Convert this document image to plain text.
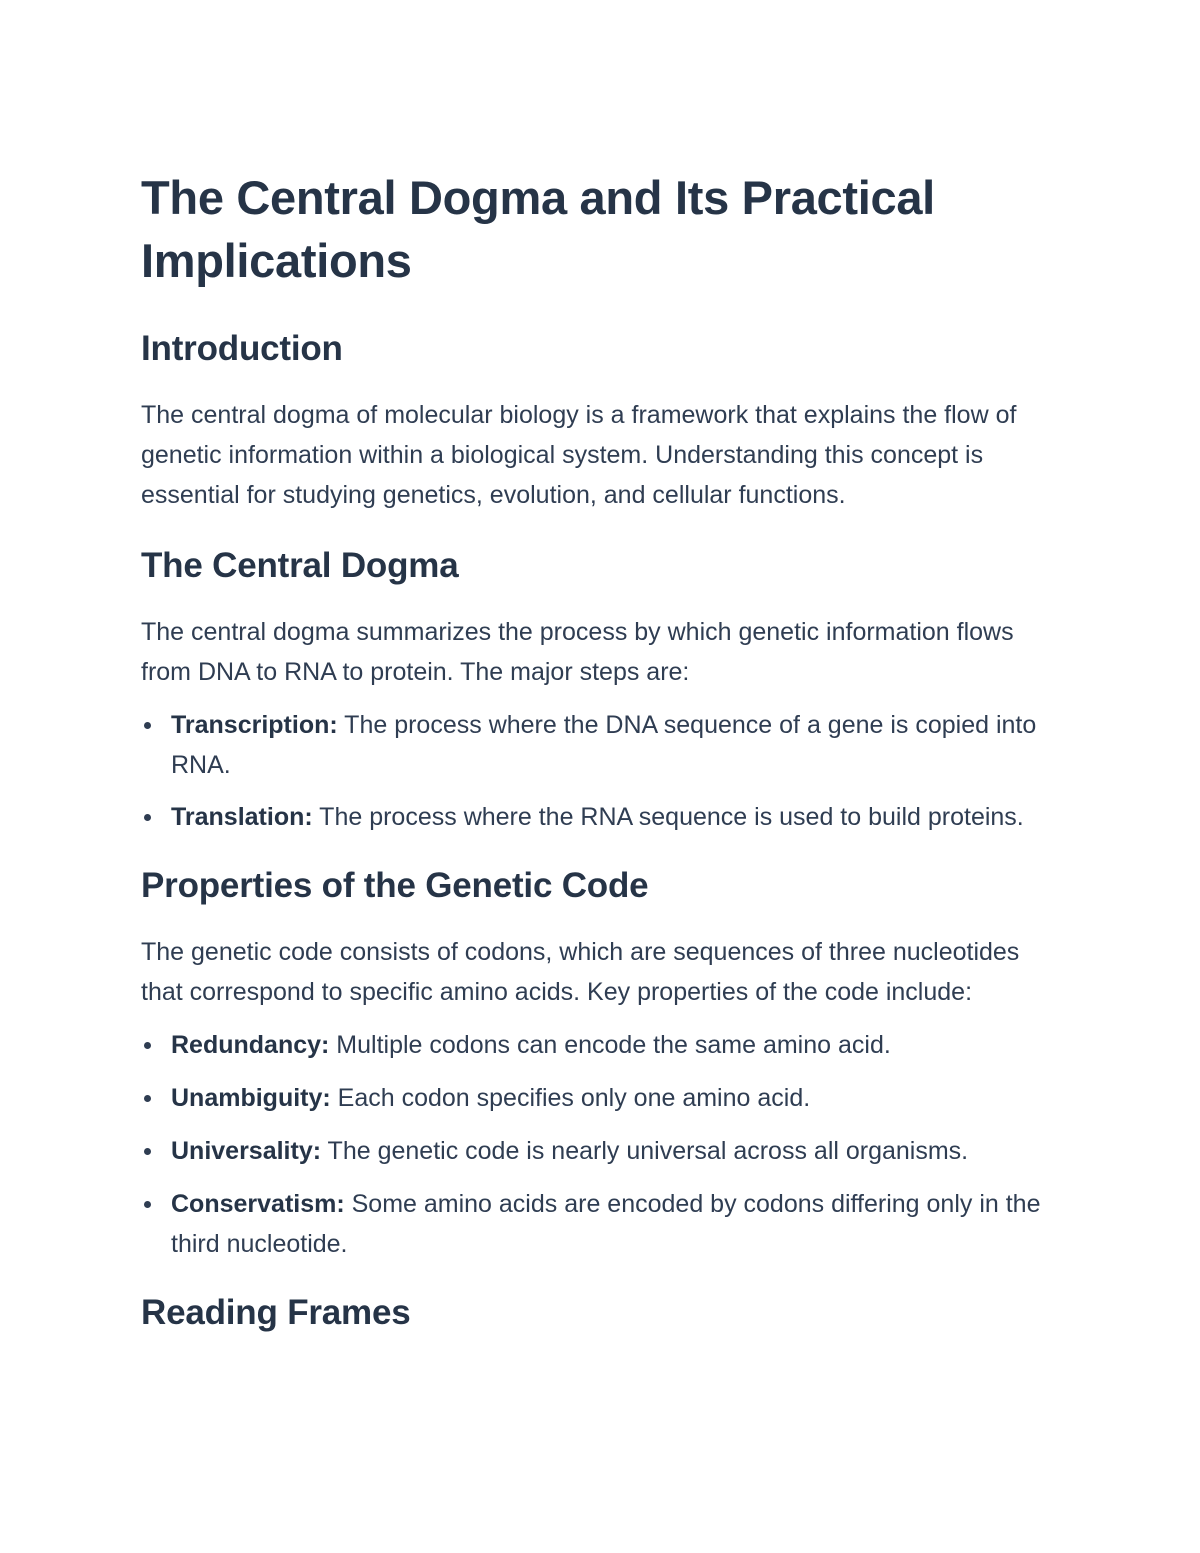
The Central Dogma and Its Practical Implications
Introduction

The central dogma of molecular biology is a framework that explains the flow of genetic information within a biological system. Understanding this concept is essential for studying genetics, evolution, and cellular functions.

The Central Dogma

The central dogma summarizes the process by which genetic information flows from DNA to RNA to protein. The major steps are:

Transcription: The process where the DNA sequence of a gene is copied into RNA.
Translation: The process where the RNA sequence is used to build proteins.
Properties of the Genetic Code

The genetic code consists of codons, which are sequences of three nucleotides that correspond to specific amino acids. Key properties of the code include:

Redundancy: Multiple codons can encode the same amino acid.
Unambiguity: Each codon specifies only one amino acid.
Universality: The genetic code is nearly universal across all organisms.
Conservatism: Some amino acids are encoded by codons differing only in the third nucleotide.
Reading Frames
